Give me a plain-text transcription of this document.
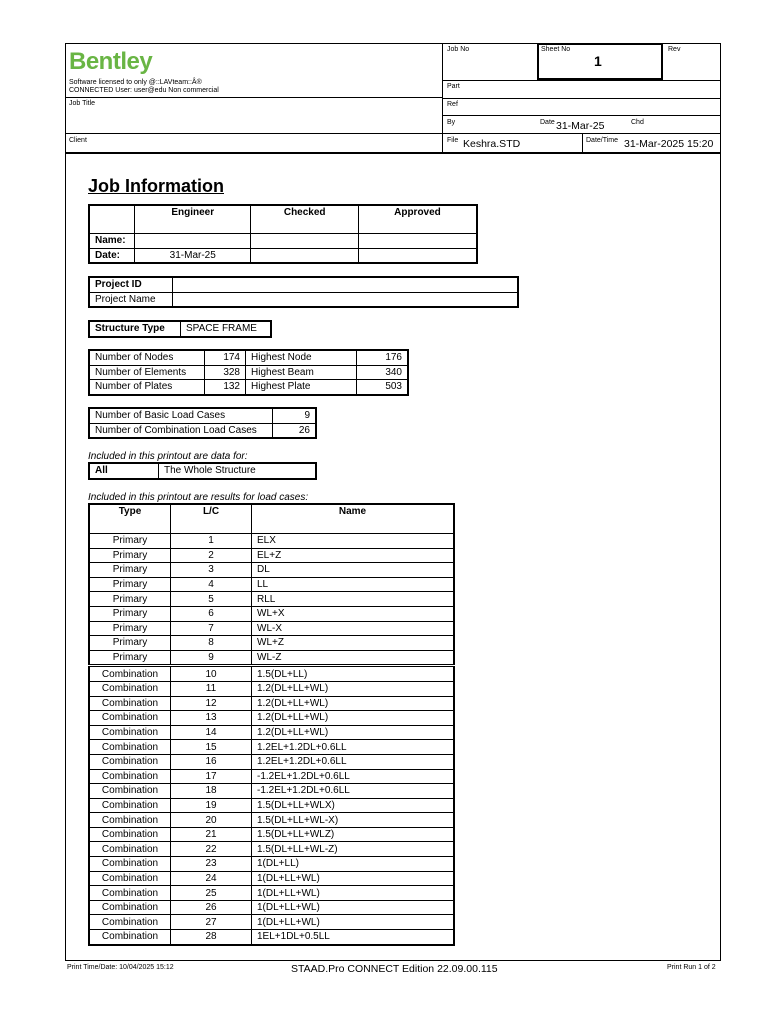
Bentley
Software licensed to only @::LAVteam::Â®
CONNECTED User: user@edu Non commercial
Job Title
Client
Job No	Sheet No
1
Rev
Part
Ref
By	Date 31-Mar-25	Chd
File Keshra.STD	Date/Time 31-Mar-2025 15:20
Job Information
	Engineer	Checked	Approved
Name:			
Date:	31-Mar-25		
Project ID	
Project Name	
Structure Type	SPACE FRAME
Number of Nodes	174	Highest Node	176
Number of Elements	328	Highest Beam	340
Number of Plates	132	Highest Plate	503
Number of Basic Load Cases	9
Number of Combination Load Cases	26
Included in this printout are data for:
All	The Whole Structure
Included in this printout are results for load cases:
Type	L/C	Name
Primary	1	ELX
Primary	2	EL+Z
Primary	3	DL
Primary	4	LL
Primary	5	RLL
Primary	6	WL+X
Primary	7	WL-X
Primary	8	WL+Z
Primary	9	WL-Z
Combination	10	1.5(DL+LL)
Combination	11	1.2(DL+LL+WL)
Combination	12	1.2(DL+LL+WL)
Combination	13	1.2(DL+LL+WL)
Combination	14	1.2(DL+LL+WL)
Combination	15	1.2EL+1.2DL+0.6LL
Combination	16	1.2EL+1.2DL+0.6LL
Combination	17	-1.2EL+1.2DL+0.6LL
Combination	18	-1.2EL+1.2DL+0.6LL
Combination	19	1.5(DL+LL+WLX)
Combination	20	1.5(DL+LL+WL-X)
Combination	21	1.5(DL+LL+WLZ)
Combination	22	1.5(DL+LL+WL-Z)
Combination	23	1(DL+LL)
Combination	24	1(DL+LL+WL)
Combination	25	1(DL+LL+WL)
Combination	26	1(DL+LL+WL)
Combination	27	1(DL+LL+WL)
Combination	28	1EL+1DL+0.5LL
Print Time/Date: 10/04/2025 15:12	STAAD.Pro CONNECT Edition 22.09.00.115	Print Run 1 of 2
